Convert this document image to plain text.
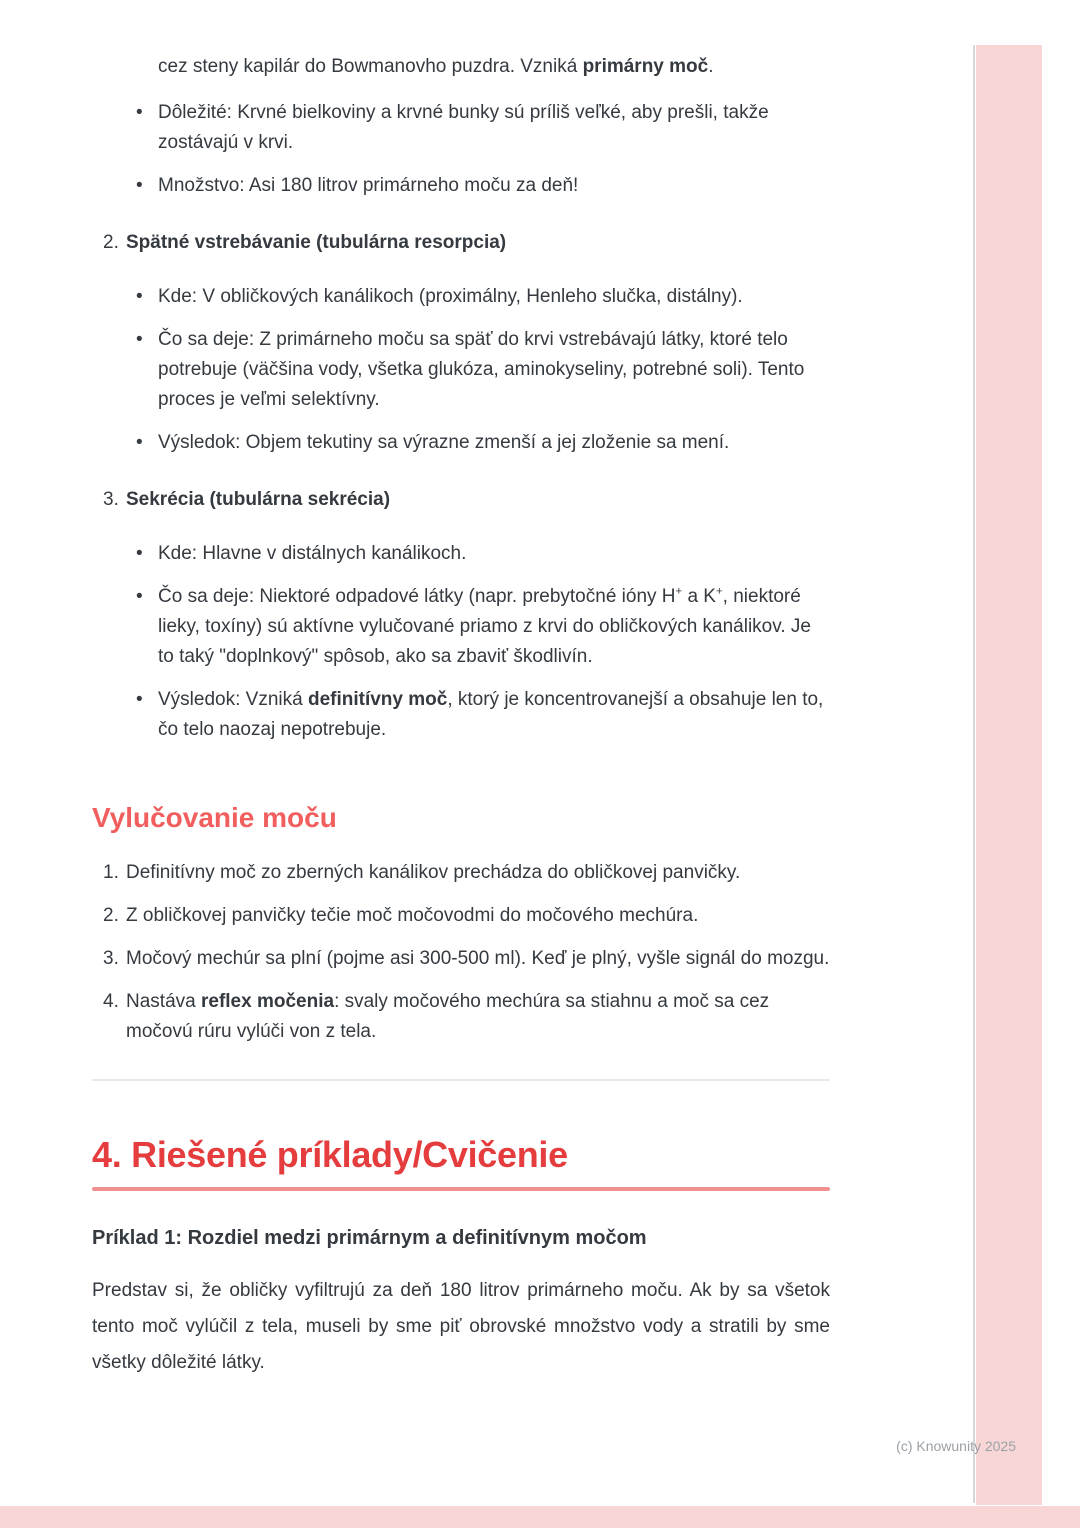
cez steny kapilár do Bowmanovho puzdra. Vzniká primárny moč.
• Dôležité: Krvné bielkoviny a krvné bunky sú príliš veľké, aby prešli, takže zostávajú v krvi.
• Množstvo: Asi 180 litrov primárneho moču za deň!
2. Spätné vstrebávanie (tubulárna resorpcia)
• Kde: V obličkových kanálikoch (proximálny, Henleho slučka, distálny).
• Čo sa deje: Z primárneho moču sa späť do krvi vstrebávajú látky, ktoré telo potrebuje (väčšina vody, všetka glukóza, aminokyseliny, potrebné soli). Tento proces je veľmi selektívny.
• Výsledok: Objem tekutiny sa výrazne zmenší a jej zloženie sa mení.
3. Sekrécia (tubulárna sekrécia)
• Kde: Hlavne v distálnych kanálikoch.
• Čo sa deje: Niektoré odpadové látky (napr. prebytočné ióny H+ a K+, niektoré lieky, toxíny) sú aktívne vylučované priamo z krvi do obličkových kanálikov. Je to taký "doplnkový" spôsob, ako sa zbaviť škodlivín.
• Výsledok: Vzniká definitívny moč, ktorý je koncentrovanejší a obsahuje len to, čo telo naozaj nepotrebuje.
Vylučovanie moču
1. Definitívny moč zo zberných kanálikov prechádza do obličkovej panvičky.
2. Z obličkovej panvičky tečie moč močovodmi do močového mechúra.
3. Močový mechúr sa plní (pojme asi 300-500 ml). Keď je plný, vyšle signál do mozgu.
4. Nastáva reflex močenia: svaly močového mechúra sa stiahnu a moč sa cez močovú rúru vylúči von z tela.
4. Riešené príklady/Cvičenie
Príklad 1: Rozdiel medzi primárnym a definitívnym močom

Predstav si, že obličky vyfiltrujú za deň 180 litrov primárneho moču. Ak by sa všetok tento moč vylúčil z tela, museli by sme piť obrovské množstvo vody a stratili by sme všetky dôležité látky.

(c) Knowunity 2025
